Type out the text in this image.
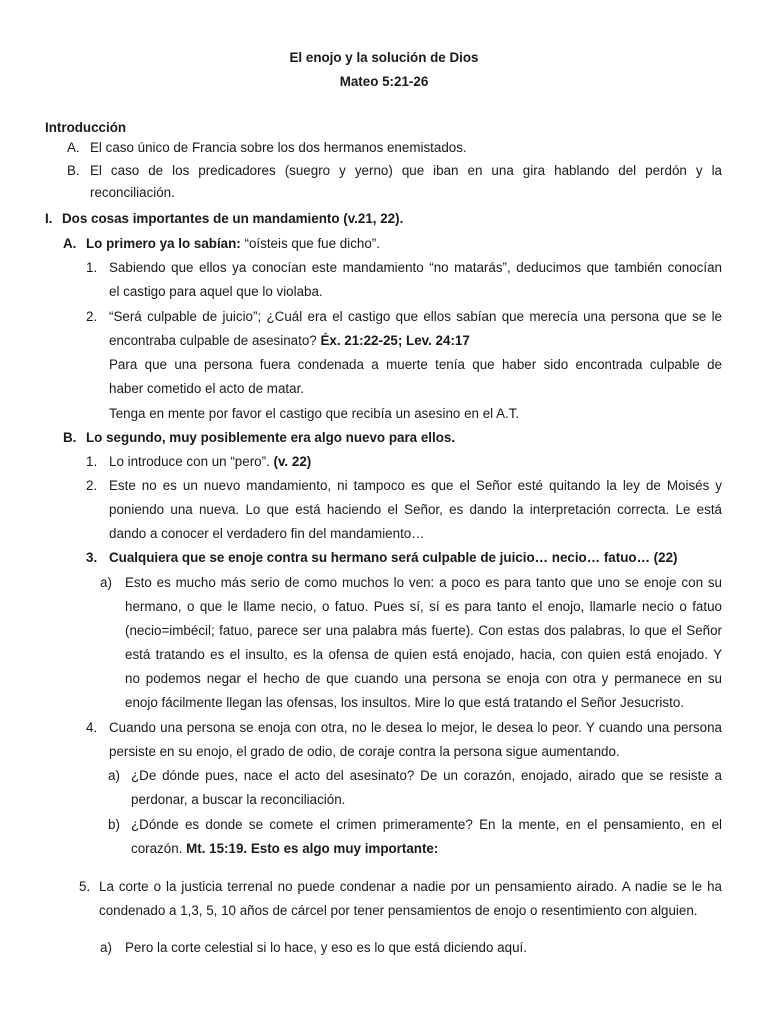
El enojo y la solución de Dios
Mateo 5:21-26
Introducción
A. El caso único de Francia sobre los dos hermanos enemistados.
B. El caso de los predicadores (suegro y yerno) que iban en una gira hablando del perdón y la
reconciliación.
I. Dos cosas importantes de un mandamiento (v.21, 22).
A. Lo primero ya lo sabían: “oísteis que fue dicho”.
1. Sabiendo que ellos ya conocían este mandamiento “no matarás”, deducimos que también conocían
el castigo para aquel que lo violaba.
2. “Será culpable de juicio”; ¿Cuál era el castigo que ellos sabían que merecía una persona que se le
encontraba culpable de asesinato? Éx. 21:22-25; Lev. 24:17
Para que una persona fuera condenada a muerte tenía que haber sido encontrada culpable de
haber cometido el acto de matar.
Tenga en mente por favor el castigo que recibía un asesino en el A.T.
B. Lo segundo, muy posiblemente era algo nuevo para ellos.
1. Lo introduce con un “pero”. (v. 22)
2. Este no es un nuevo mandamiento, ni tampoco es que el Señor esté quitando la ley de Moisés y
poniendo una nueva. Lo que está haciendo el Señor, es dando la interpretación correcta. Le está
dando a conocer el verdadero fin del mandamiento…
3. Cualquiera que se enoje contra su hermano será culpable de juicio… necio… fatuo… (22)
a) Esto es mucho más serio de como muchos lo ven: a poco es para tanto que uno se enoje con su
hermano, o que le llame necio, o fatuo. Pues sí, sí es para tanto el enojo, llamarle necio o fatuo
(necio=imbécil; fatuo, parece ser una palabra más fuerte). Con estas dos palabras, lo que el Señor
está tratando es el insulto, es la ofensa de quien está enojado, hacia, con quien está enojado. Y
no podemos negar el hecho de que cuando una persona se enoja con otra y permanece en su
enojo fácilmente llegan las ofensas, los insultos. Mire lo que está tratando el Señor Jesucristo.
4. Cuando una persona se enoja con otra, no le desea lo mejor, le desea lo peor. Y cuando una persona
persiste en su enojo, el grado de odio, de coraje contra la persona sigue aumentando.
a) ¿De dónde pues, nace el acto del asesinato? De un corazón, enojado, airado que se resiste a
perdonar, a buscar la reconciliación.
b) ¿Dónde es donde se comete el crimen primeramente? En la mente, en el pensamiento, en el
corazón. Mt. 15:19. Esto es algo muy importante:
5. La corte o la justicia terrenal no puede condenar a nadie por un pensamiento airado. A nadie se le ha
condenado a 1,3, 5, 10 años de cárcel por tener pensamientos de enojo o resentimiento con alguien.
a) Pero la corte celestial si lo hace, y eso es lo que está diciendo aquí.
